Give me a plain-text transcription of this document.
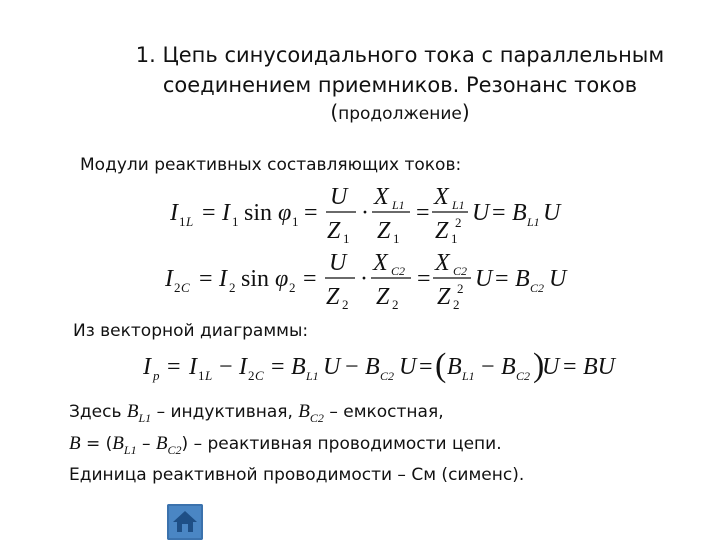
1. Цепь синусоидального тока с параллельным
соединением приемников. Резонанс токов
(продолжение)
Модули реактивных составляющих токов:
I 1 L = I 1 sin φ 1 =
U
Z 1
·
X L1
Z 1
=
X L1
Z 1
2 U = B L1 U
I 2 C = I 2 sin φ 2 =
U
Z 2
·
X C2
Z 2
=
X C2
Z 2
2 U = B C2 U
Из векторной диаграммы:
I p = I 1 L − I 2 C = B L1 U − B C2 U = ( B L1 − B C2 )
U = BU
Здесь $B_{L1}$ – индуктивная, $B_{C2}$ – емкостная,
$B = (B_{L1} - B_{C2})$ – реактивная проводимости цепи.
Единица реактивной проводимости – См (сименс).
